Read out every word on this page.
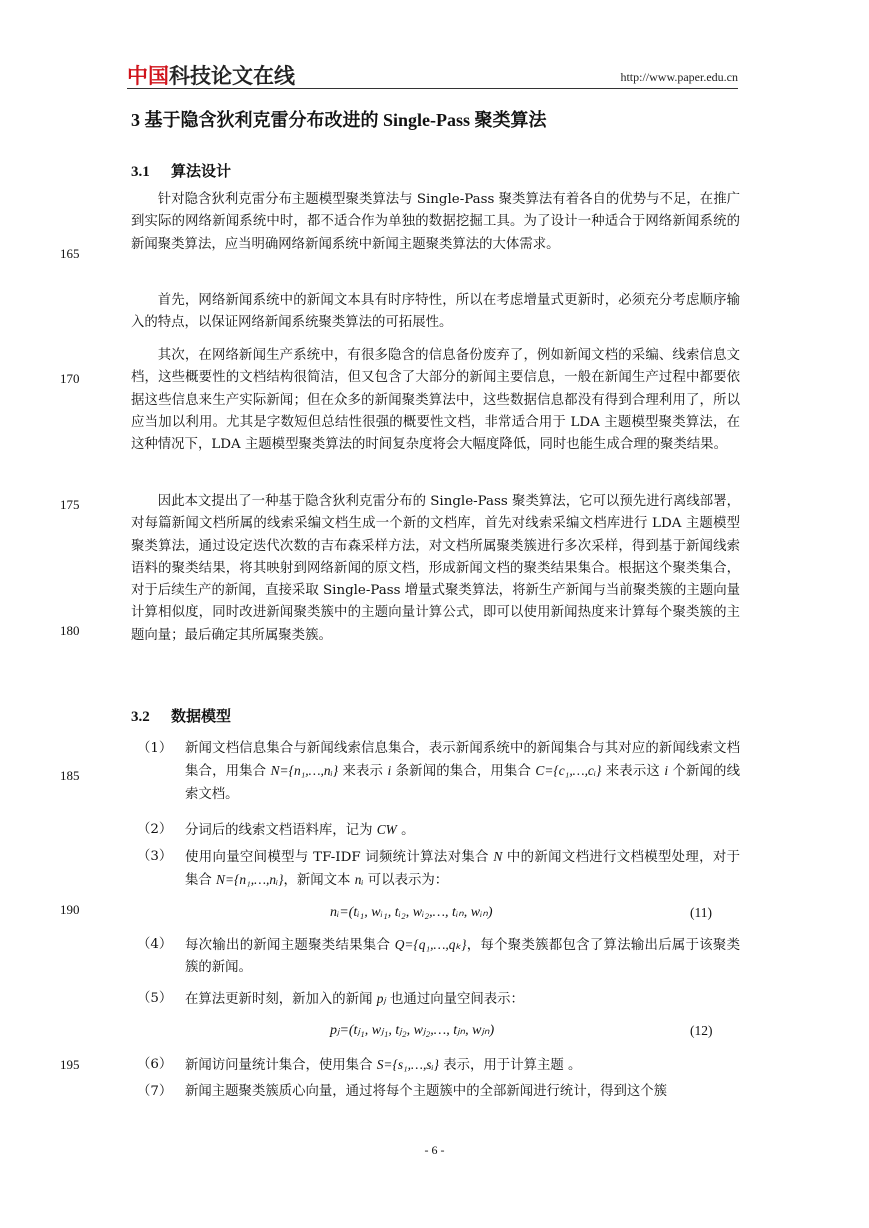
中国科技论文在线	http://www.paper.edu.cn
3 基于隐含狄利克雷分布改进的 Single-Pass 聚类算法
3.1 算法设计
针对隐含狄利克雷分布主题模型聚类算法与 Single-Pass 聚类算法有着各自的优势与不足，在推广到实际的网络新闻系统中时，都不适合作为单独的数据挖掘工具。为了设计一种适合于网络新闻系统的新闻聚类算法，应当明确网络新闻系统中新闻主题聚类算法的大体需求。
首先，网络新闻系统中的新闻文本具有时序特性，所以在考虑增量式更新时，必须充分考虑顺序输入的特点，以保证网络新闻系统聚类算法的可拓展性。
其次，在网络新闻生产系统中，有很多隐含的信息备份废弃了，例如新闻文档的采编、线索信息文档，这些概要性的文档结构很简洁，但又包含了大部分的新闻主要信息，一般在新闻生产过程中都要依据这些信息来生产实际新闻；但在众多的新闻聚类算法中，这些数据信息都没有得到合理利用了，所以应当加以利用。尤其是字数短但总结性很强的概要性文档，非常适合用于 LDA 主题模型聚类算法，在这种情况下，LDA 主题模型聚类算法的时间复杂度将会大幅度降低，同时也能生成合理的聚类结果。
因此本文提出了一种基于隐含狄利克雷分布的 Single-Pass 聚类算法，它可以预先进行离线部署，对每篇新闻文档所属的线索采编文档生成一个新的文档库，首先对线索采编文档库进行 LDA 主题模型聚类算法，通过设定迭代次数的吉布森采样方法，对文档所属聚类簇进行多次采样，得到基于新闻线索语料的聚类结果，将其映射到网络新闻的原文档，形成新闻文档的聚类结果集合。根据这个聚类集合，对于后续生产的新闻，直接采取 Single-Pass 增量式聚类算法，将新生产新闻与当前聚类簇的主题向量计算相似度，同时改进新闻聚类簇中的主题向量计算公式，即可以使用新闻热度来计算每个聚类簇的主题向量；最后确定其所属聚类簇。
3.2 数据模型
（1） 新闻文档信息集合与新闻线索信息集合，表示新闻系统中的新闻集合与其对应的新闻线索文档集合，用集合 N={n₁,…,nᵢ} 来表示 i 条新闻的集合，用集合 C={c₁,…,cᵢ} 来表示这 i 个新闻的线索文档。
（2） 分词后的线索文档语料库，记为 CW 。
（3） 使用向量空间模型与 TF-IDF 词频统计算法对集合 N 中的新闻文档进行文档模型处理，对于集合 N={n₁,…,nᵢ}，新闻文本 nᵢ 可以表示为：
nᵢ=(tᵢ₁, wᵢ₁, tᵢ₂, wᵢ₂,…, tᵢₙ, wᵢₙ)	(11)
（4） 每次输出的新闻主题聚类结果集合 Q={q₁,…,qₖ}，每个聚类簇都包含了算法输出后属于该聚类簇的新闻。
（5） 在算法更新时刻，新加入的新闻 pⱼ 也通过向量空间表示：
pⱼ=(tⱼ₁, wⱼ₁, tⱼ₂, wⱼ₂,…, tⱼₙ, wⱼₙ)	(12)
（6） 新闻访问量统计集合，使用集合 S={s₁,…,sᵢ} 表示，用于计算主题 。
（7） 新闻主题聚类簇质心向量，通过将每个主题簇中的全部新闻进行统计，得到这个簇
165
170
175
180
185
190
195
- 6 -
